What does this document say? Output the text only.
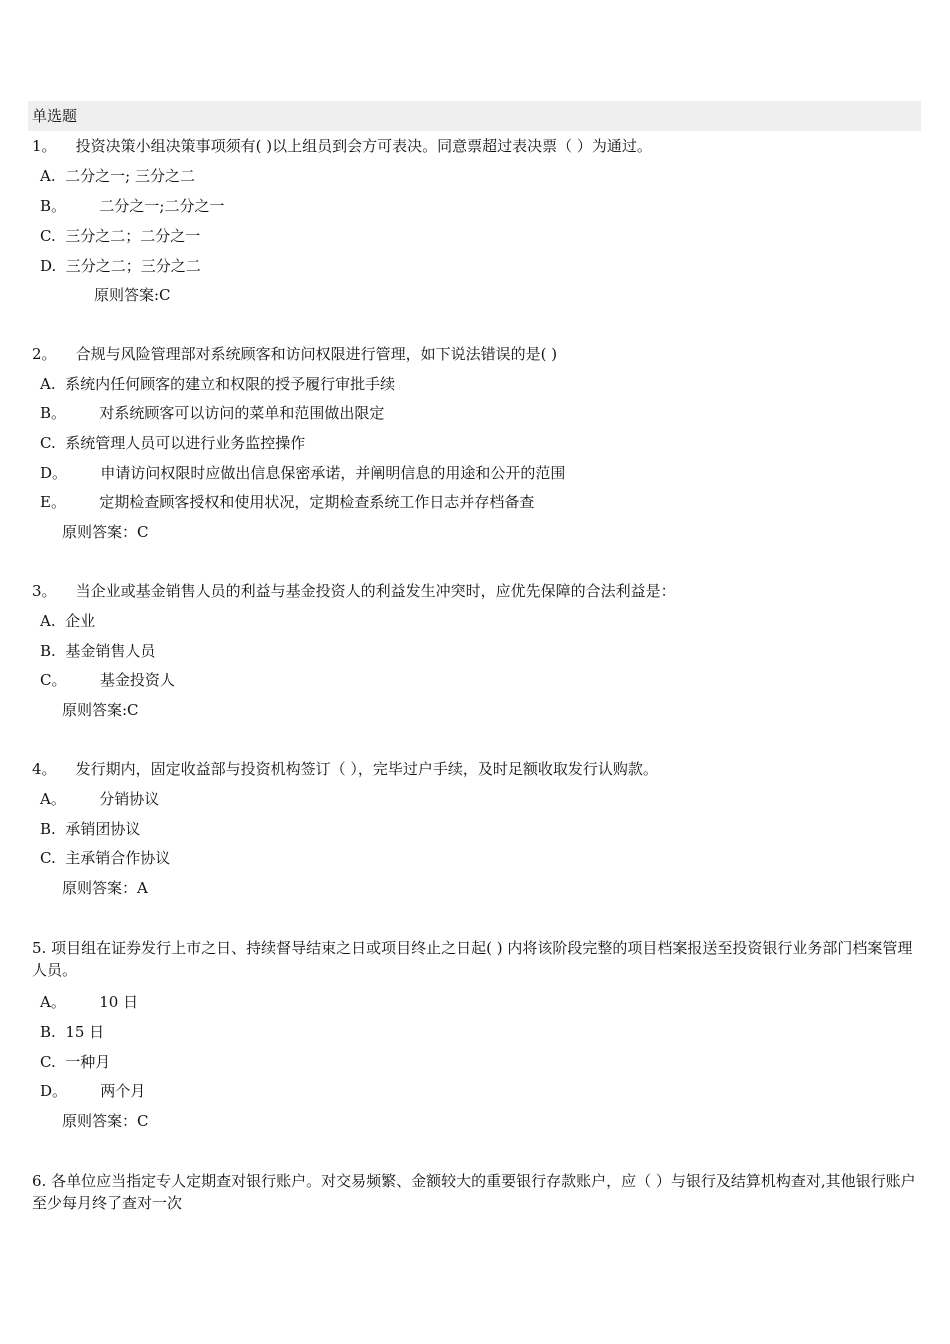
单选题
1。    投资决策小组决策事项须有( )以上组员到会方可表决。同意票超过表决票（ ）为通过。
A.  二分之一; 三分之二
B。       二分之一;二分之一
C.  三分之二；二分之一
D.  三分之二；三分之二
原则答案:C
2。    合规与风险管理部对系统顾客和访问权限进行管理，如下说法错误的是( )
A.  系统内任何顾客的建立和权限的授予履行审批手续
B。       对系统顾客可以访问的菜单和范围做出限定
C.  系统管理人员可以进行业务监控操作
D。       申请访问权限时应做出信息保密承诺，并阐明信息的用途和公开的范围
E。       定期检查顾客授权和使用状况，定期检查系统工作日志并存档备查
原则答案：C
3。    当企业或基金销售人员的利益与基金投资人的利益发生冲突时，应优先保障的合法利益是：
A.  企业
B.  基金销售人员
C。       基金投资人
原则答案:C
4。    发行期内，固定收益部与投资机构签订（ ），完毕过户手续，及时足额收取发行认购款。
A。       分销协议
B.  承销团协议
C.  主承销合作协议
原则答案：A
5. 项目组在证券发行上市之日、持续督导结束之日或项目终止之日起( ) 内将该阶段完整的项目档案报送至投资银行业务部门档案管理人员。
A。       10 日
B.  15 日
C.  一种月
D。       两个月
原则答案：C
6. 各单位应当指定专人定期查对银行账户。对交易频繁、金额较大的重要银行存款账户，应（ ）与银行及结算机构查对,其他银行账户至少每月终了查对一次
